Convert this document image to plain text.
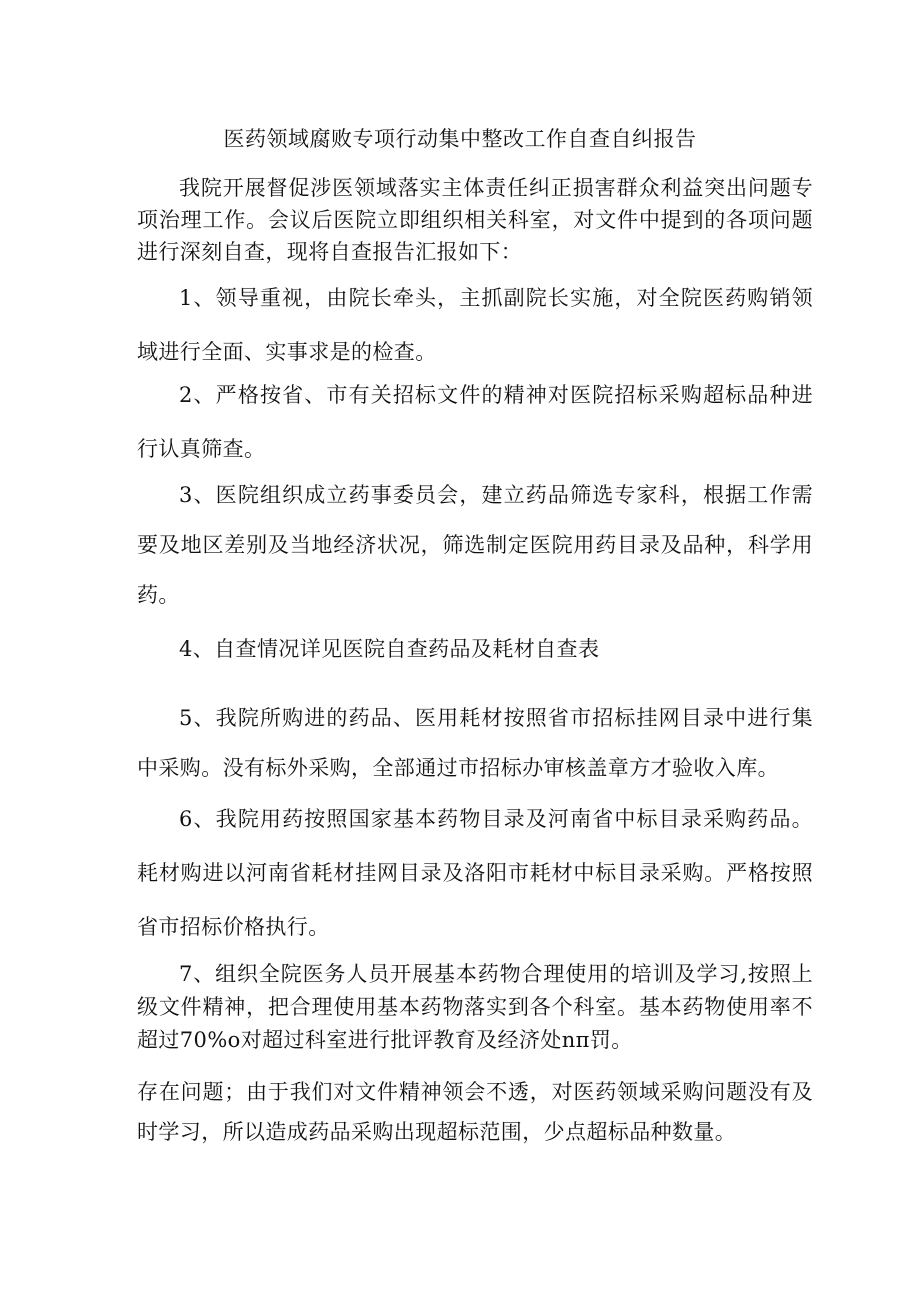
医药领域腐败专项行动集中整改工作自查自纠报告

我院开展督促涉医领域落实主体责任纠正损害群众利益突出问题专项治理工作。会议后医院立即组织相关科室，对文件中提到的各项问题进行深刻自查，现将自查报告汇报如下：

1、领导重视，由院长牵头，主抓副院长实施，对全院医药购销领域进行全面、实事求是的检查。

2、严格按省、市有关招标文件的精神对医院招标采购超标品种进行认真筛查。

3、医院组织成立药事委员会，建立药品筛选专家科，根据工作需要及地区差别及当地经济状况，筛选制定医院用药目录及品种，科学用药。

4、自查情况详见医院自查药品及耗材自查表

5、我院所购进的药品、医用耗材按照省市招标挂网目录中进行集中采购。没有标外采购，全部通过市招标办审核盖章方才验收入库。

6、我院用药按照国家基本药物目录及河南省中标目录采购药品。耗材购进以河南省耗材挂网目录及洛阳市耗材中标目录采购。严格按照省市招标价格执行。

7、组织全院医务人员开展基本药物合理使用的培训及学习,按照上级文件精神，把合理使用基本药物落实到各个科室。基本药物使用率不超过70%o对超过科室进行批评教育及经济处nπ罚。

存在问题；由于我们对文件精神领会不透，对医药领域采购问题没有及时学习，所以造成药品采购出现超标范围，少点超标品种数量。
